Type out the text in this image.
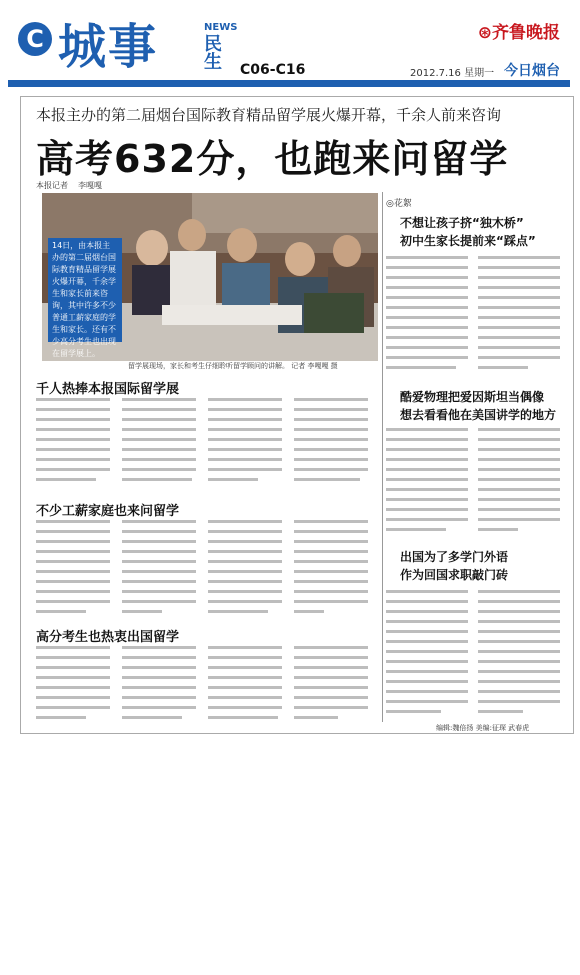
C 城事	NEWS
民生 C06-C16
⊛齐鲁晚报
2012.7.16 星期一 今日烟台
本报主办的第二届烟台国际教育精品留学展火爆开幕，千余人前来咨询
高考632分，也跑来问留学
本报记者 李嘎嘎
14日，由本报主办的第二届烟台国际教育精品留学展火爆开幕，千余学生和家长前来咨询，其中许多不少普通工薪家庭的学生和家长。还有不少高分考生也出现在留学展上。
留学展现场，家长和考生仔细聆听留学顾问的讲解。 记者 李嘎嘎 摄
千人热捧本报国际留学展
不少工薪家庭也来问留学
高分考生也热衷出国留学
◎花絮
不想让孩子挤“独木桥”
初中生家长提前来“踩点”
酷爱物理把爱因斯坦当偶像
想去看看他在美国讲学的地方
出国为了多学门外语
作为回国求职敲门砖
编辑:魏倍扬 美编:征琛 武春虎
